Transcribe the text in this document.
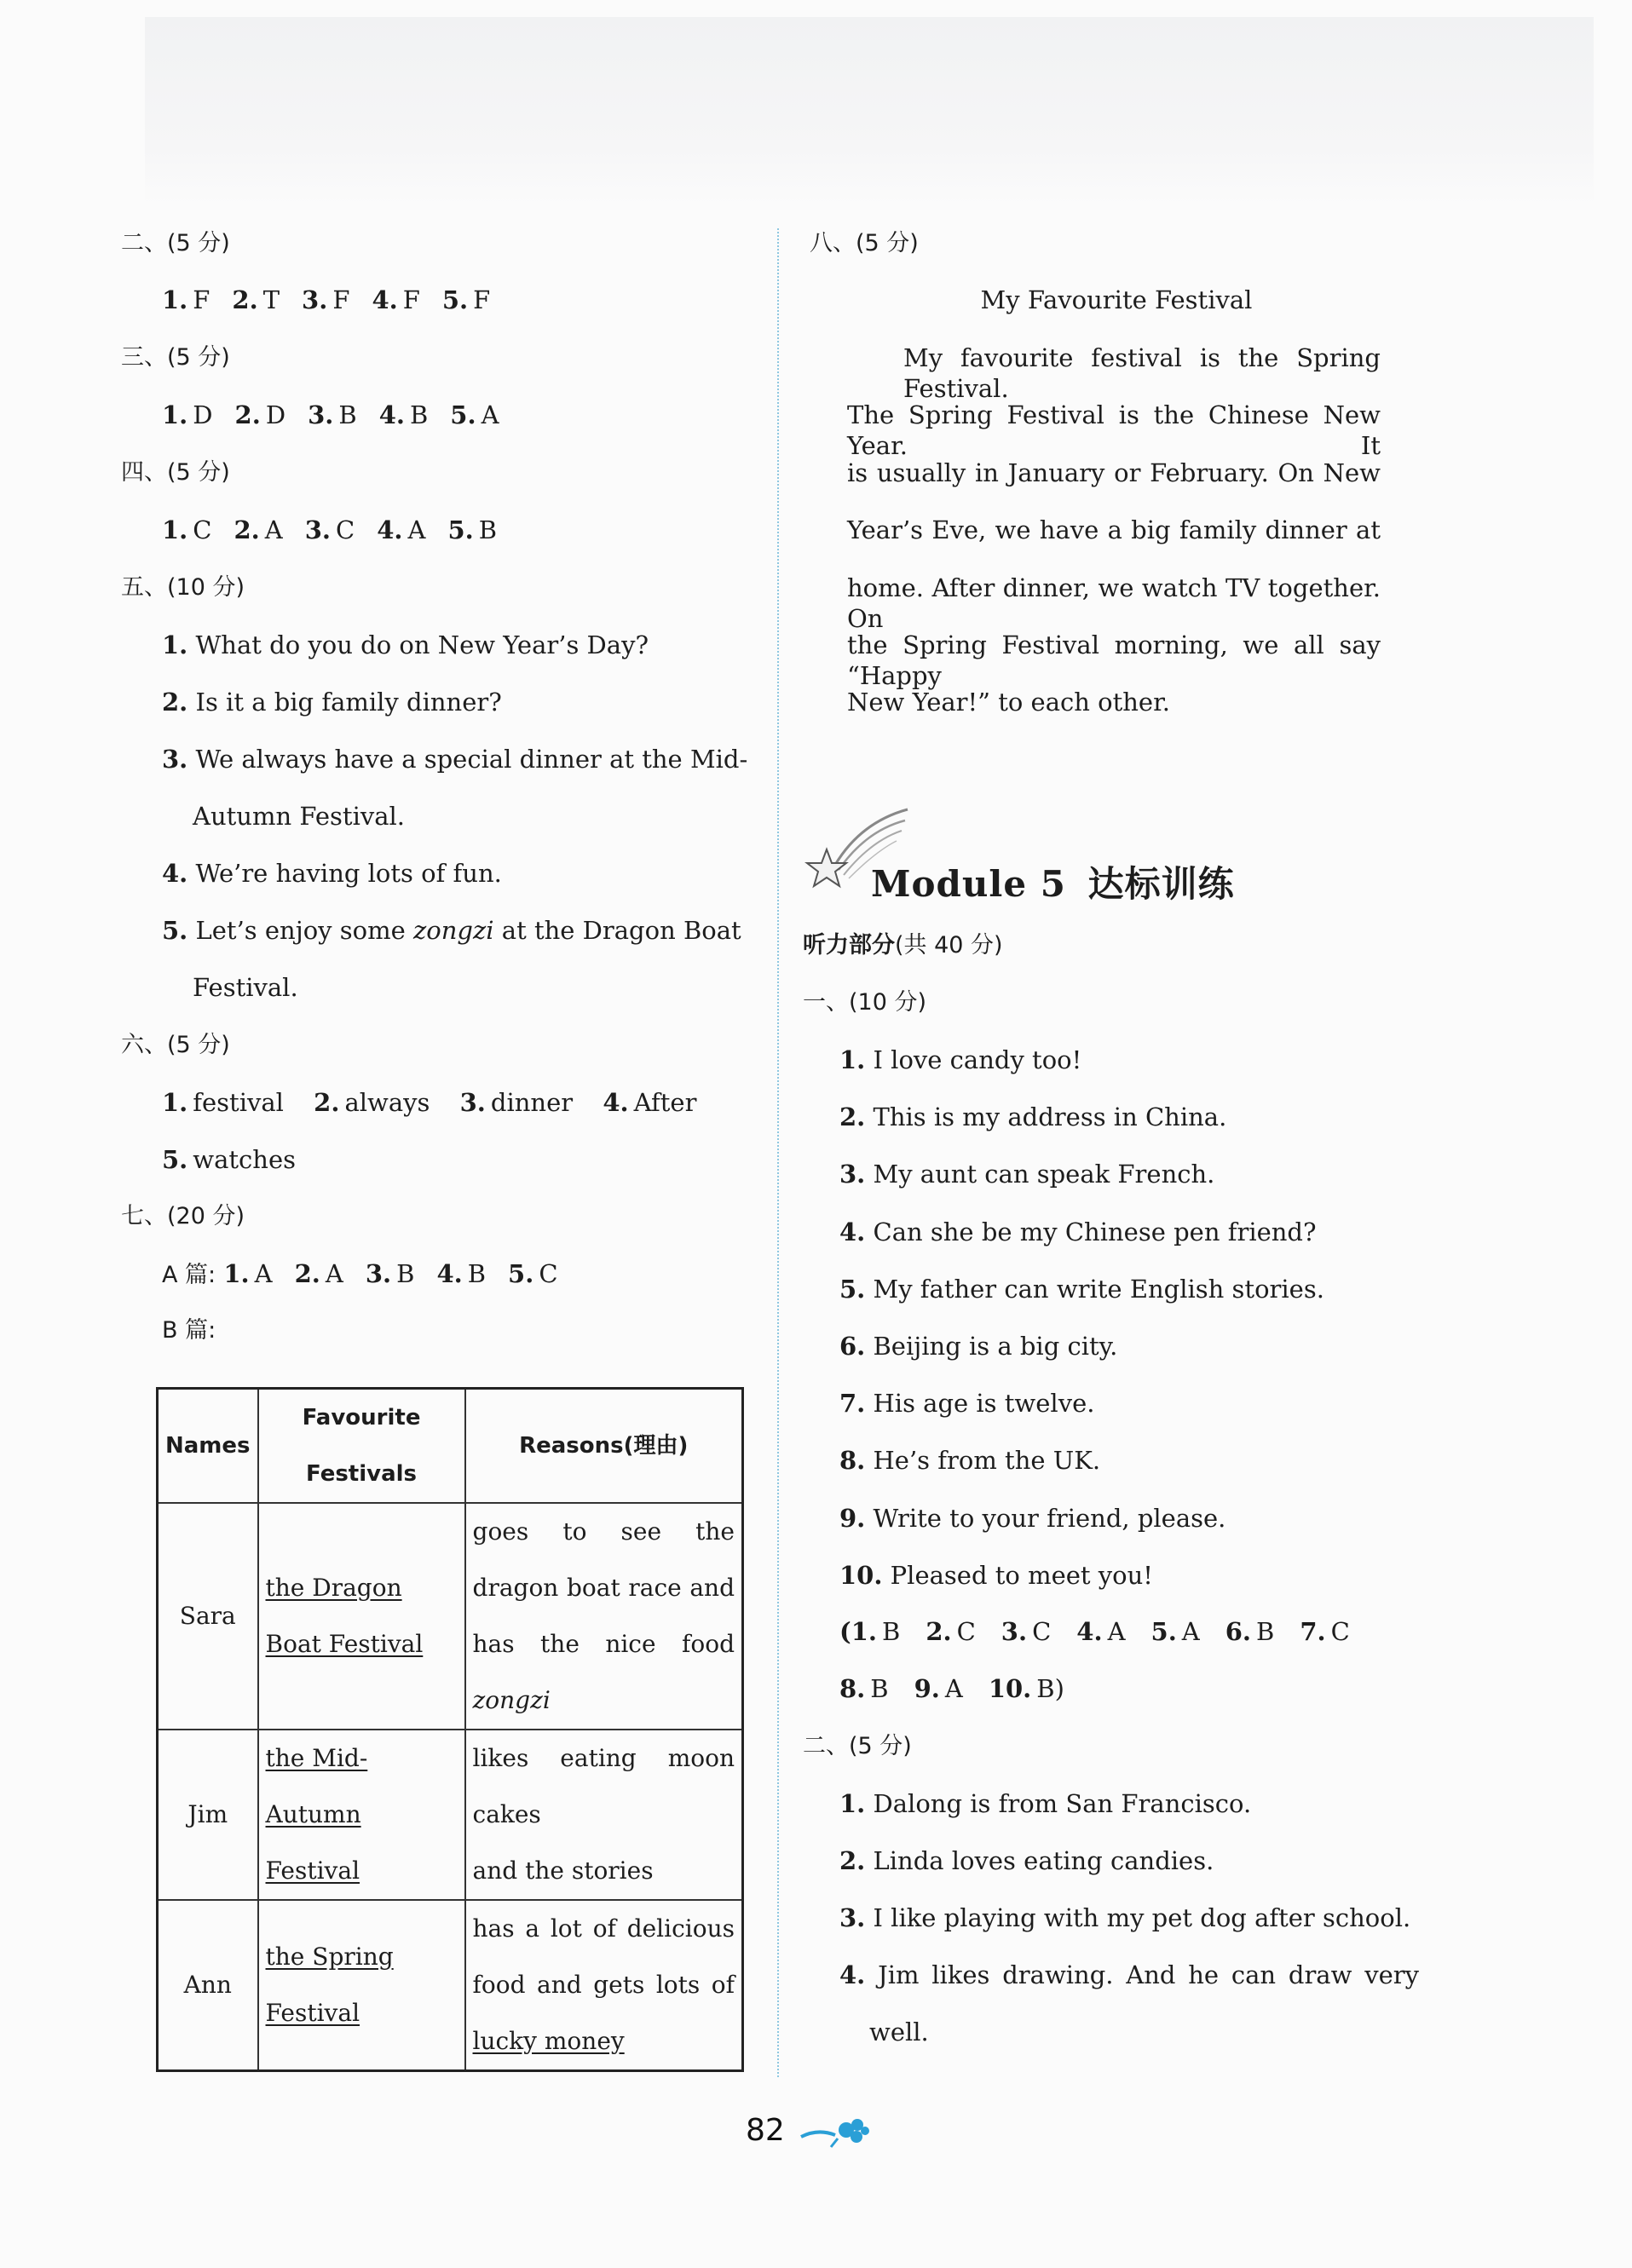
二、(5 分)
1. F 2. T 3. F 4. F 5. F
三、(5 分)
1. D 2. D 3. B 4. B 5. A
四、(5 分)
1. C 2. A 3. C 4. A 5. B
五、(10 分)
1. What do you do on New Year’s Day?
2. Is it a big family dinner?
3. We always have a special dinner at the Mid-
Autumn Festival.
4. We’re having lots of fun.
5. Let’s enjoy some zongzi at the Dragon Boat
Festival.
六、(5 分)
1. festival 2. always 3. dinner 4. After
5. watches
七、(20 分)
A 篇: 1. A 2. A 3. B 4. B 5. C
B 篇:
Names	Favourite Festivals	Reasons(理由)
Sara	the Dragon Boat Festival	goes to see the
dragon boat race and
has the nice food
zongzi

Jim	the Mid-Autumn Festival	likes eating moon cakes
and the stories

Ann	the Spring Festival	has a lot of delicious
food and gets lots of
lucky money
八、(5 分)
My Favourite Festival
My favourite festival is the Spring Festival.
The Spring Festival is the Chinese New Year. It
is usually in January or February. On New
Year’s Eve, we have a big family dinner at
home. After dinner, we watch TV together. On
the Spring Festival morning, we all say “Happy
New Year!” to each other.
Module 5 达标训练
听力部分(共 40 分)
一、(10 分)
1. I love candy too!
2. This is my address in China.
3. My aunt can speak French.
4. Can she be my Chinese pen friend?
5. My father can write English stories.
6. Beijing is a big city.
7. His age is twelve.
8. He’s from the UK.
9. Write to your friend, please.
10. Pleased to meet you!
(1. B 2. C 3. C 4. A 5. A 6. B 7. C
8. B 9. A 10. B)
二、(5 分)
1. Dalong is from San Francisco.
2. Linda loves eating candies.
3. I like playing with my pet dog after school.
4. Jim likes drawing. And he can draw very
well.
82
